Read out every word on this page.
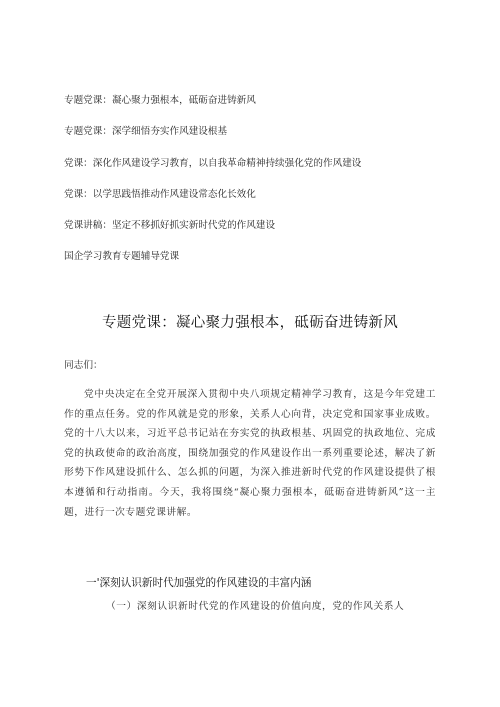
专题党课：凝心聚力强根本，砥砺奋进铸新风
专题党课：深学细悟夯实作风建设根基
党课：深化作风建设学习教育，以自我革命精神持续强化党的作风建设
党课：以学思践悟推动作风建设常态化长效化
党课讲稿：坚定不移抓好抓实新时代党的作风建设
国企学习教育专题辅导党课
专题党课：凝心聚力强根本，砥砺奋进铸新风
同志们：
党中央决定在全党开展深入贯彻中央八项规定精神学习教育，这是今年党建工作的重点任务。党的作风就是党的形象，关系人心向背，决定党和国家事业成败。党的十八大以来，习近平总书记站在夯实党的执政根基、巩固党的执政地位、完成党的执政使命的政治高度，围绕加强党的作风建设作出一系列重要论述，解决了新形势下作风建设抓什么、怎么抓的问题，为深入推进新时代党的作风建设提供了根本遵循和行动指南。今天，我将围绕“凝心聚力强根本，砥砺奋进铸新风”这一主题，进行一次专题党课讲解。
一'深刻认识新时代加强党的作风建设的丰富内涵
（一）深刻认识新时代党的作风建设的价值向度，党的作风关系人
